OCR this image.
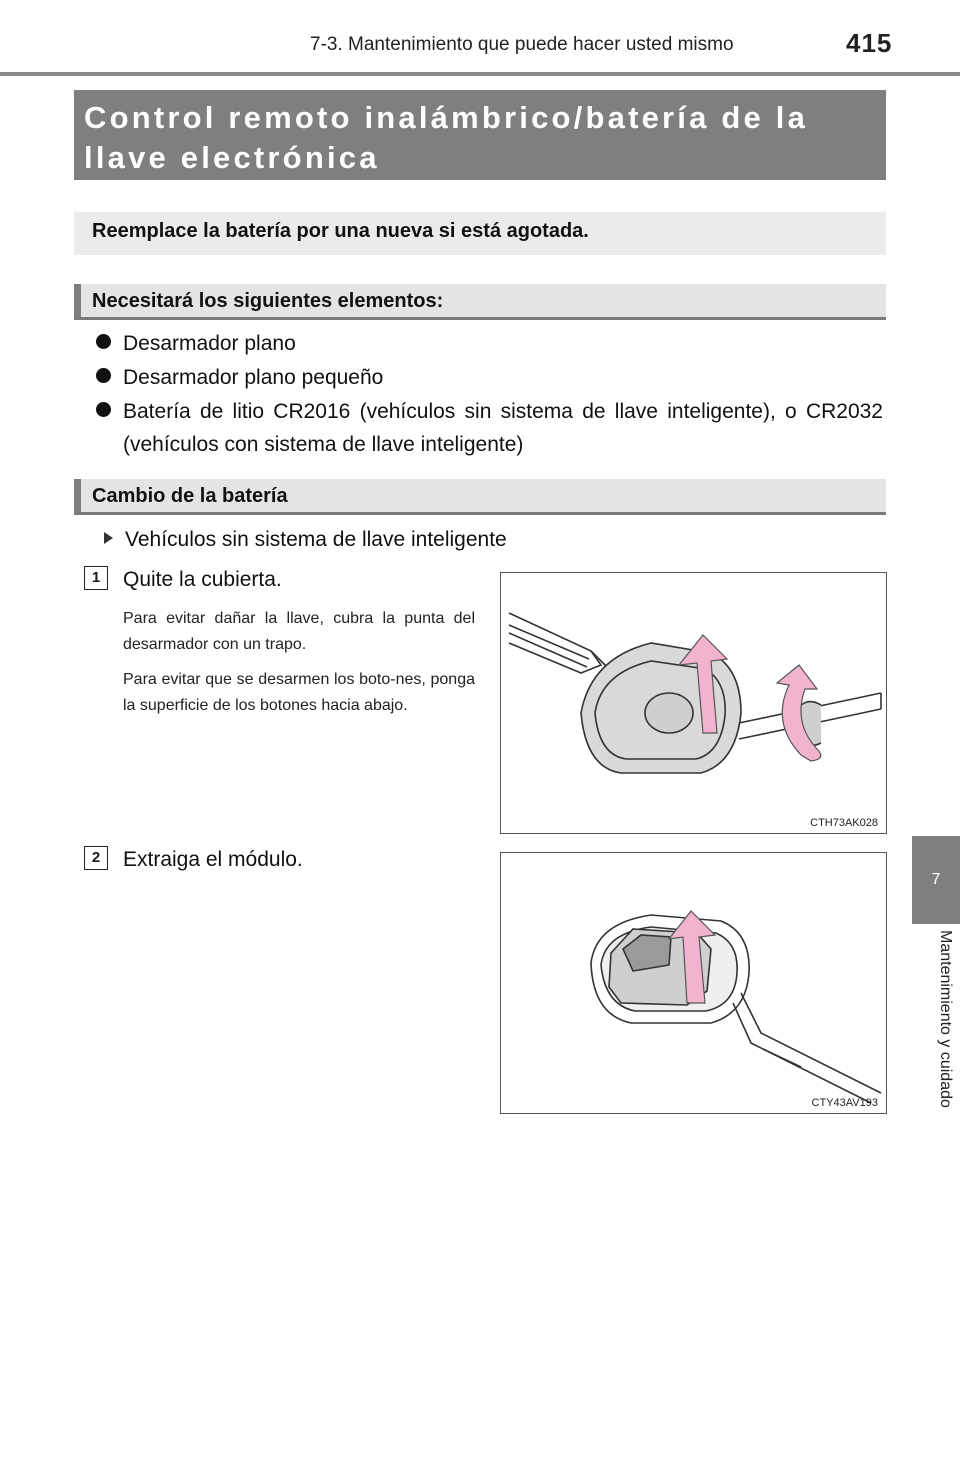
7-3. Mantenimiento que puede hacer usted mismo	415
Control remoto inalámbrico/batería de la llave electrónica
Reemplace la batería por una nueva si está agotada.
Necesitará los siguientes elementos:
Desarmador plano
Desarmador plano pequeño
Batería de litio CR2016 (vehículos sin sistema de llave inteligente), o CR2032 (vehículos con sistema de llave inteligente)
Cambio de la batería
Vehículos sin sistema de llave inteligente
1	Quite la cubierta.
Para evitar dañar la llave, cubra la punta del desarmador con un trapo.
Para evitar que se desarmen los boto-nes, ponga la superficie de los botones hacia abajo.
CTH73AK028
2	Extraiga el módulo.
CTY43AV193
7
Mantenimiento y cuidado
